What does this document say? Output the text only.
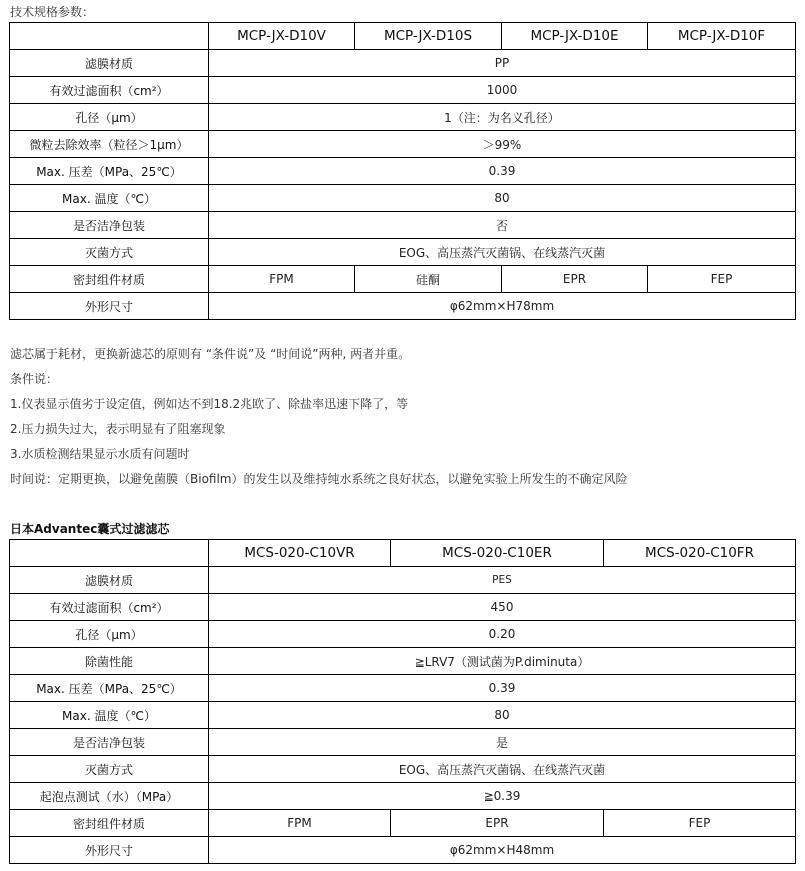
技术规格参数：
	MCP-JX-D10V	MCP-JX-D10S	MCP-JX-D10E	MCP-JX-D10F
滤膜材质	PP			
有效过滤面积（cm²）	1000			
孔径（μm）	1（注：为名义孔径）			
微粒去除效率（粒径＞1μm）	＞99%			
Max. 压差（MPa、25℃）	0.39			
Max. 温度（℃）	80			
是否洁净包装	否			
灭菌方式	EOG、高压蒸汽灭菌锅、在线蒸汽灭菌			
密封组件材质	FPM	硅酮	EPR	FEP
外形尺寸	φ62mm×H78mm			
滤芯属于耗材，更换新滤芯的原则有 “条件说”及 “时间说”两种, 两者并重。
条件说：
1.仪表显示值劣于设定值，例如达不到18.2兆欧了、除盐率迅速下降了，等
2.压力损失过大，表示明显有了阻塞现象
3.水质检测结果显示水质有问题时
时间说：定期更换，以避免菌膜（Biofilm）的发生以及维持纯水系统之良好状态，以避免实验上所发生的不确定风险
日本Advantec囊式过滤滤芯
	MCS-020-C10VR	MCS-020-C10ER	MCS-020-C10FR
滤膜材质	PES		
有效过滤面积（cm²）	450		
孔径（μm）	0.20		
除菌性能	≧LRV7（测试菌为P.diminuta）		
Max. 压差（MPa、25℃）	0.39		
Max. 温度（℃）	80		
是否洁净包装	是		
灭菌方式	EOG、高压蒸汽灭菌锅、在线蒸汽灭菌		
起泡点测试（水）（MPa）	≧0.39		
密封组件材质	FPM	EPR	FEP
外形尺寸	φ62mm×H48mm		
